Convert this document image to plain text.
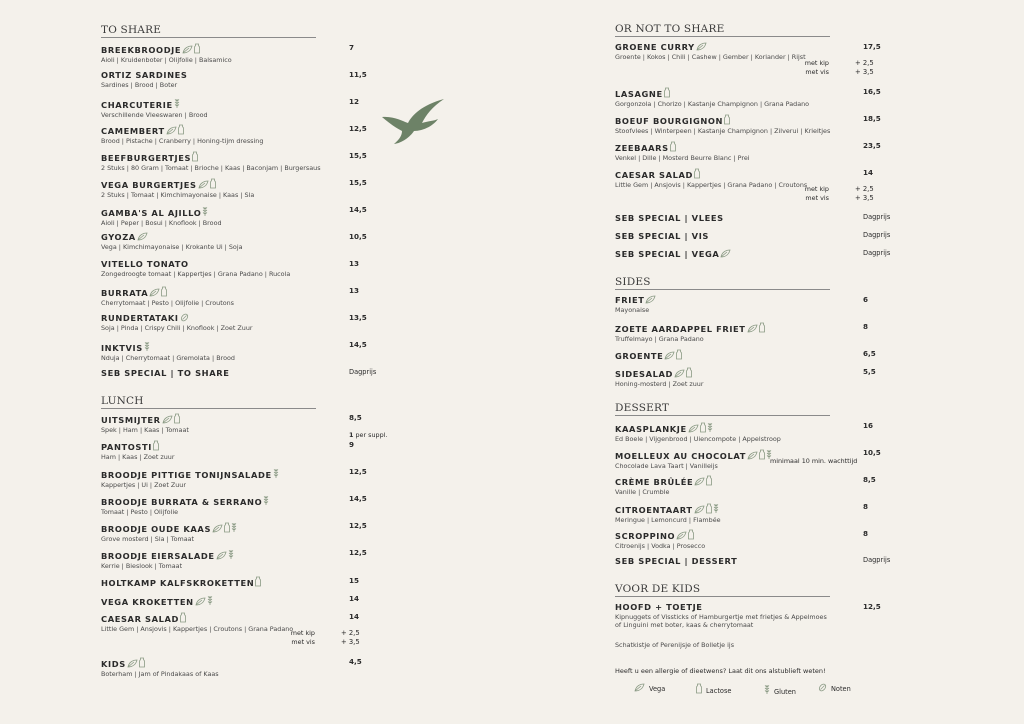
TO SHARE
BREEKBROODJE
Aioli | Kruidenboter | Olijfolie | Balsamico
7
ORTIZ SARDINES
Sardines | Brood | Boter
11,5
CHARCUTERIE
Verschillende Vleeswaren | Brood
12
CAMEMBERT
Brood | Pistache | Cranberry | Honing-tijm dressing
12,5
BEEFBURGERTJES
2 Stuks | 80 Gram | Tomaat | Brioche | Kaas | Baconjam | Burgersaus
15,5
VEGA BURGERTJES
2 Stuks | Tomaat | Kimchimayonaise | Kaas | Sla
15,5
GAMBA'S AL AJILLO
Aioli | Peper | Bosui | Knoflook | Brood
14,5
GYOZA
Vega | Kimchimayonaise | Krokante Ui | Soja
10,5
VITELLO TONATO
Zongedroogte tomaat | Kappertjes | Grana Padano | Rucola
13
BURRATA
Cherrytomaat | Pesto | Olijfolie | Croutons
13
RUNDERTATAKI
Soja | Pinda | Crispy Chili | Knoflook | Zoet Zuur
13,5
INKTVIS
Nduja | Cherrytomaat | Gremolata | Brood
14,5
SEB SPECIAL | TO SHARE	Dagprijs
LUNCH
UITSMIJTER
Spek | Ham | Kaas | Tomaat
8,5
1 per suppl.
PANTOSTI
Ham | Kaas | Zoet zuur
9
BROODJE PITTIGE TONIJNSALADE
Kappertjes | Ui | Zoet Zuur
12,5
BROODJE BURRATA & SERRANO
Tomaat | Pesto | Olijfolie
14,5
BROODJE OUDE KAAS
Grove mosterd | Sla | Tomaat
12,5
BROODJE EIERSALADE
Kerrie | Bieslook | Tomaat
12,5
HOLTKAMP KALFSKROKETTEN	15
VEGA KROKETTEN	14
CAESAR SALAD
Little Gem | Ansjovis | Kappertjes | Croutons | Grana Padano
14
met kip	+ 2,5
met vis	+ 3,5
KIDS
Boterham | Jam of Pindakaas of Kaas
4,5
OR NOT TO SHARE
GROENE CURRY
Groente | Kokos | Chili | Cashew | Gember | Koriander | Rijst
17,5
met kip	+ 2,5
met vis	+ 3,5
LASAGNE
Gorgonzola | Chorizo | Kastanje Champignon | Grana Padano
16,5
BOEUF BOURGIGNON
Stoofvlees | Winterpeen | Kastanje Champignon | Zilverui | Krieltjes
18,5
ZEEBAARS
Venkel | Dille | Mosterd Beurre Blanc | Prei
23,5
CAESAR SALAD
Little Gem | Ansjovis | Kappertjes | Grana Padano | Croutons
14
met kip	+ 2,5
met vis	+ 3,5
SEB SPECIAL | VLEES	Dagprijs
SEB SPECIAL | VIS	Dagprijs
SEB SPECIAL | VEGA	Dagprijs
SIDES
FRIET
Mayonaise
6
ZOETE AARDAPPEL FRIET
Truffelmayo | Grana Padano
8
GROENTE	6,5
SIDESALAD
Honing-mosterd | Zoet zuur
5,5
DESSERT
KAASPLANKJE
Ed Boele | Vijgenbrood | Uiencompote | Appelstroop
16
MOELLEUX AU CHOCOLAT
Chocolade Lava Taart | Vanilleijs
10,5
minimaal 10 min. wachttijd
CRÈME BRÛLÉE
Vanille | Crumble
8,5
CITROENTAART
Meringue | Lemoncurd | Flambée
8
SCROPPINO
Citroenijs | Vodka | Prosecco
8
SEB SPECIAL | DESSERT	Dagprijs
VOOR DE KIDS
HOOFD + TOETJE
Kipnuggets of Vissticks of Hamburgertje met frietjes & Appelmoes
of Linguini met boter, kaas & cherrytomaat
12,5
Schatkistje of Perenijsje of Bolletje ijs
Heeft u een allergie of dieetwens? Laat dit ons alstublieft weten!
Vega	Lactose	Gluten	Noten
